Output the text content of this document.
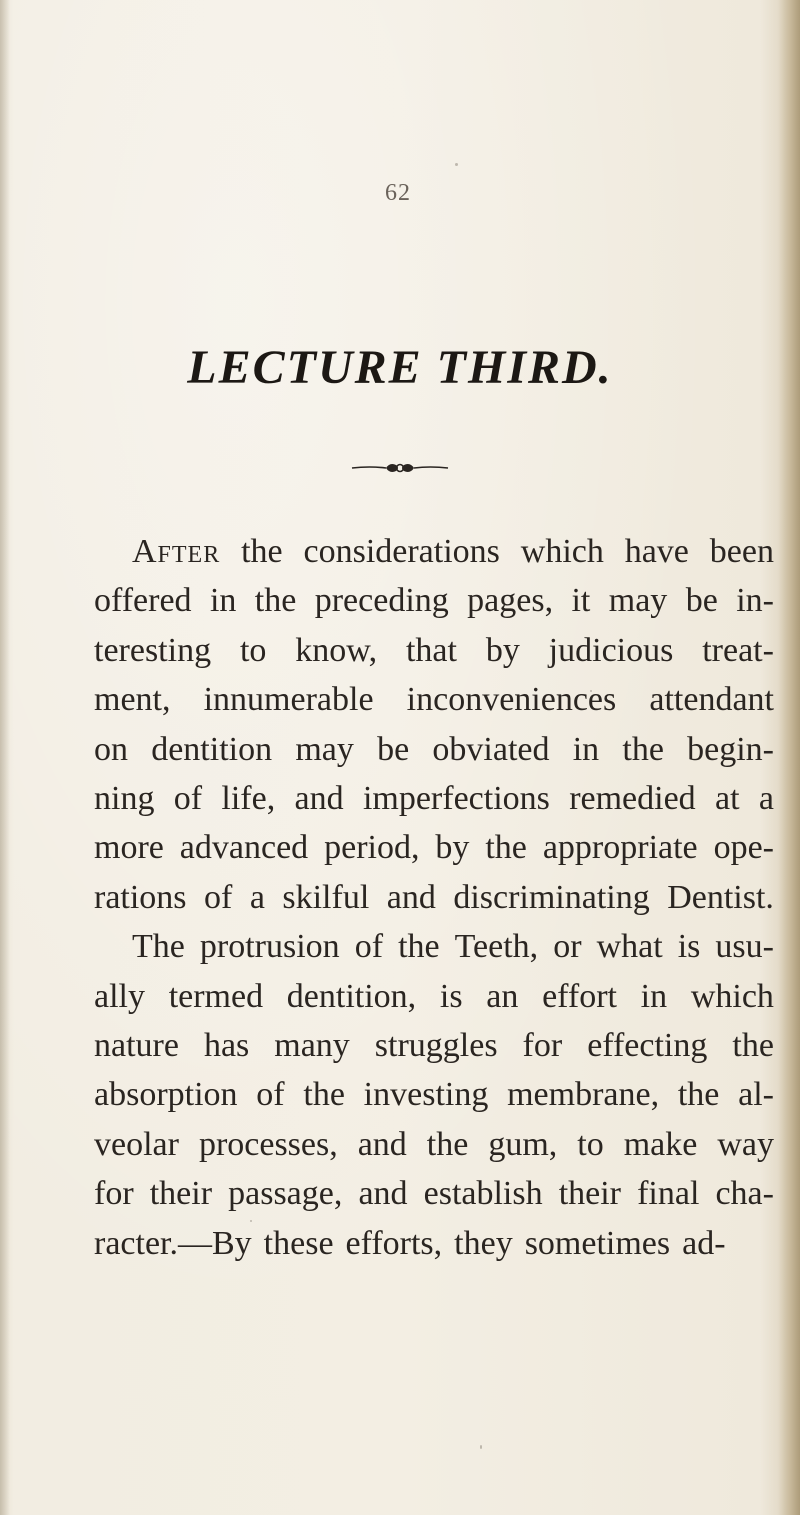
62
LECTURE THIRD.
After the considerations which have been
offered in the preceding pages, it may be in-
teresting to know, that by judicious treat-
ment, innumerable inconveniences attendant
on dentition may be obviated in the begin-
ning of life, and imperfections remedied at a
more advanced period, by the appropriate ope-
rations of a skilful and discriminating Dentist.
The protrusion of the Teeth, or what is usu-
ally termed dentition, is an effort in which
nature has many struggles for effecting the
absorption of the investing membrane, the al-
veolar processes, and the gum, to make way
for their passage, and establish their final cha-
racter.—By these efforts, they sometimes ad-
